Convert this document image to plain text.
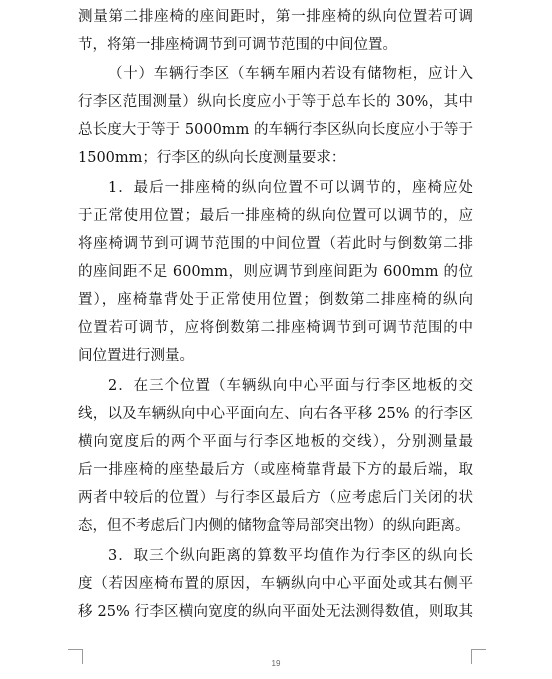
测量第二排座椅的座间距时，第一排座椅的纵向位置若可调
节，将第一排座椅调节到可调节范围的中间位置。
（十）车辆行李区（车辆车厢内若设有储物柜，应计入
行李区范围测量）纵向长度应小于等于总车长的 30%，其中
总长度大于等于 5000mm 的车辆行李区纵向长度应小于等于
1500mm；行李区的纵向长度测量要求：
1．最后一排座椅的纵向位置不可以调节的，座椅应处
于正常使用位置；最后一排座椅的纵向位置可以调节的，应
将座椅调节到可调节范围的中间位置（若此时与倒数第二排
的座间距不足 600mm，则应调节到座间距为 600mm 的位
置），座椅靠背处于正常使用位置；倒数第二排座椅的纵向
位置若可调节，应将倒数第二排座椅调节到可调节范围的中
间位置进行测量。
2．在三个位置（车辆纵向中心平面与行李区地板的交
线，以及车辆纵向中心平面向左、向右各平移 25% 的行李区
横向宽度后的两个平面与行李区地板的交线），分别测量最
后一排座椅的座垫最后方（或座椅靠背最下方的最后端，取
两者中较后的位置）与行李区最后方（应考虑后门关闭的状
态，但不考虑后门内侧的储物盒等局部突出物）的纵向距离。
3．取三个纵向距离的算数平均值作为行李区的纵向长
度（若因座椅布置的原因，车辆纵向中心平面处或其右侧平
移 25% 行李区横向宽度的纵向平面处无法测得数值，则取其
19
